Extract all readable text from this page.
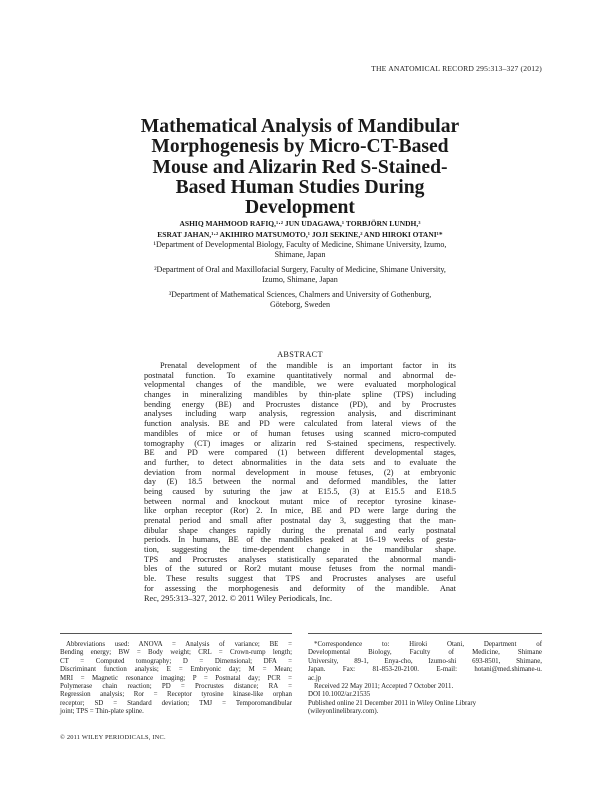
THE ANATOMICAL RECORD 295:313–327 (2012)
Mathematical Analysis of Mandibular
Morphogenesis by Micro-CT-Based
Mouse and Alizarin Red S-Stained-
Based Human Studies During
Development
ASHIQ MAHMOOD RAFIQ,¹·² JUN UDAGAWA,¹ TORBJÖRN LUNDH,³
ESRAT JAHAN,¹·² AKIHIRO MATSUMOTO,¹ JOJI SEKINE,² AND HIROKI OTANI¹*
¹Department of Developmental Biology, Faculty of Medicine, Shimane University, Izumo,
Shimane, Japan
²Department of Oral and Maxillofacial Surgery, Faculty of Medicine, Shimane University,
Izumo, Shimane, Japan
³Department of Mathematical Sciences, Chalmers and University of Gothenburg,
Göteborg, Sweden
ABSTRACT
Prenatal development of the mandible is an important factor in its
postnatal function. To examine quantitatively normal and abnormal de-
velopmental changes of the mandible, we were evaluated morphological
changes in mineralizing mandibles by thin-plate spline (TPS) including
bending energy (BE) and Procrustes distance (PD), and by Procrustes
analyses including warp analysis, regression analysis, and discriminant
function analysis. BE and PD were calculated from lateral views of the
mandibles of mice or of human fetuses using scanned micro-computed
tomography (CT) images or alizarin red S-stained specimens, respectively.
BE and PD were compared (1) between different developmental stages,
and further, to detect abnormalities in the data sets and to evaluate the
deviation from normal development in mouse fetuses, (2) at embryonic
day (E) 18.5 between the normal and deformed mandibles, the latter
being caused by suturing the jaw at E15.5, (3) at E15.5 and E18.5
between normal and knockout mutant mice of receptor tyrosine kinase-
like orphan receptor (Ror) 2. In mice, BE and PD were large during the
prenatal period and small after postnatal day 3, suggesting that the man-
dibular shape changes rapidly during the prenatal and early postnatal
periods. In humans, BE of the mandibles peaked at 16–19 weeks of gesta-
tion, suggesting the time-dependent change in the mandibular shape.
TPS and Procrustes analyses statistically separated the abnormal mandi-
bles of the sutured or Ror2 mutant mouse fetuses from the normal mandi-
ble. These results suggest that TPS and Procrustes analyses are useful
for assessing the morphogenesis and deformity of the mandible. Anat
Rec, 295:313–327, 2012. © 2011 Wiley Periodicals, Inc.
Abbreviations used: ANOVA = Analysis of variance; BE =
Bending energy; BW = Body weight; CRL = Crown-rump length;
CT = Computed tomography; D = Dimensional; DFA =
Discriminant function analysis; E = Embryonic day; M = Mean;
MRI = Magnetic resonance imaging; P = Postnatal day; PCR =
Polymerase chain reaction; PD = Procrustes distance; RA =
Regression analysis; Ror = Receptor tyrosine kinase-like orphan
receptor; SD = Standard deviation; TMJ = Temporomandibular
joint; TPS = Thin-plate spline.
*Correspondence to: Hiroki Otani, Department of
Developmental Biology, Faculty of Medicine, Shimane
University, 89-1, Enya-cho, Izumo-shi 693-8501, Shimane,
Japan. Fax: 81-853-20-2100. E-mail: hotani@med.shimane-u.
ac.jp
Received 22 May 2011; Accepted 7 October 2011.
DOI 10.1002/ar.21535
Published online 21 December 2011 in Wiley Online Library
(wileyonlinelibrary.com).
© 2011 WILEY PERIODICALS, INC.
